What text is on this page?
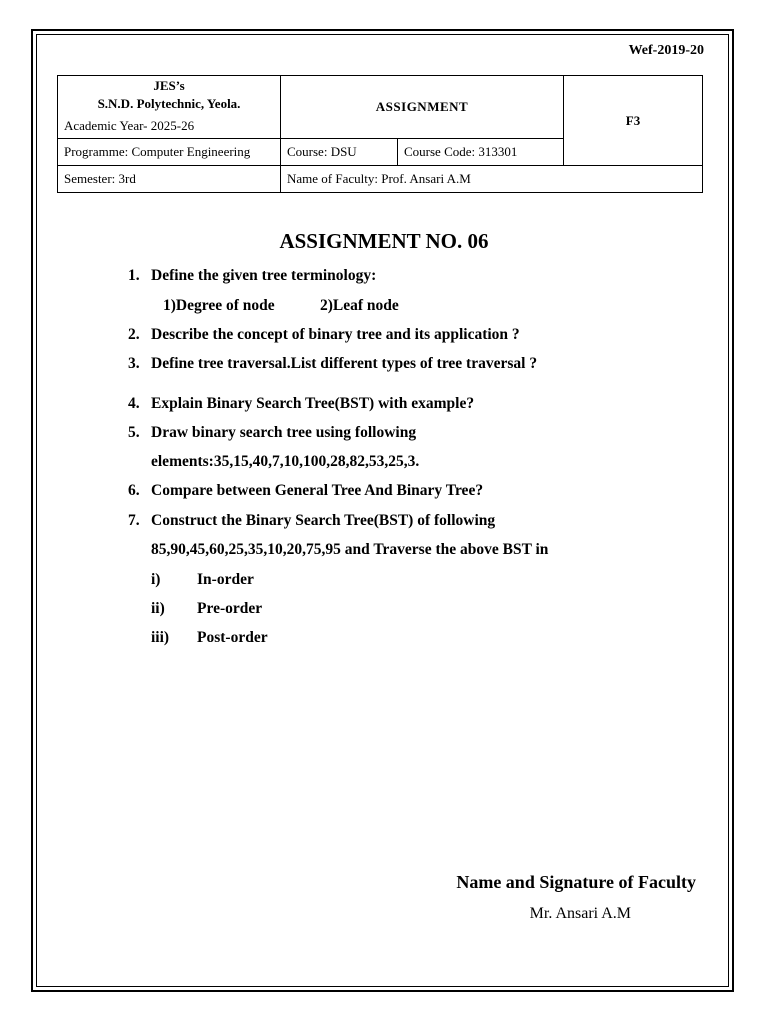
Wef-2019-20
JES’s
S.N.D. Polytechnic, Yeola.	ASSIGNMENT		F3
Academic Year- 2025-26			
Programme: Computer Engineering	Course: DSU	Course Code: 313301	
Semester: 3rd	Name of Faculty: Prof. Ansari A.M		
ASSIGNMENT NO. 06
1. Define the given tree terminology:
1)Degree of node	2)Leaf node
2. Describe the concept of binary tree and its application ?
3. Define tree traversal.List different types of tree traversal ?
4. Explain Binary Search Tree(BST) with example?
5. Draw binary search tree using following
elements:35,15,40,7,10,100,28,82,53,25,3.
6. Compare between General Tree And Binary Tree?
7. Construct the Binary Search Tree(BST) of following
85,90,45,60,25,35,10,20,75,95 and Traverse the above BST in
i) In-order
ii) Pre-order
iii) Post-order
Name and Signature of Faculty
Mr. Ansari A.M
